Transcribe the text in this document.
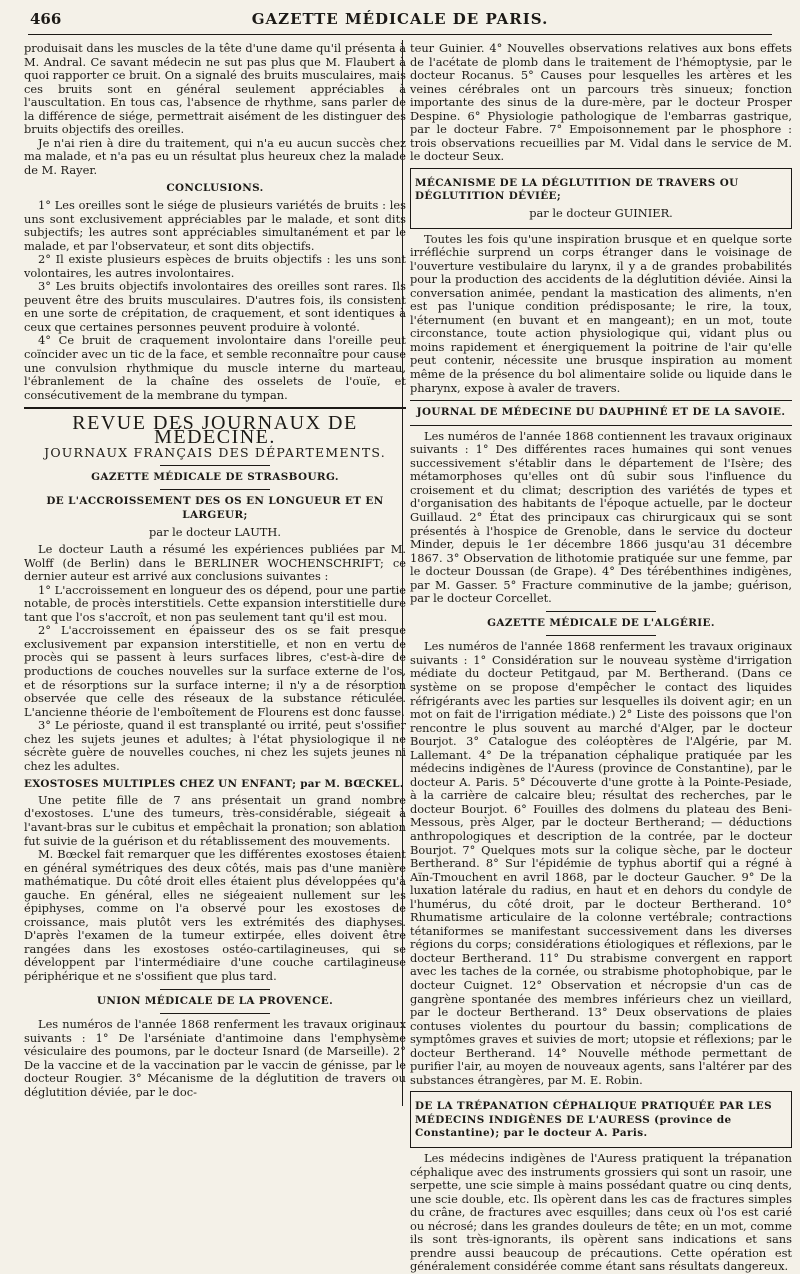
466	GAZETTE MÉDICALE DE PARIS.

produisait dans les muscles de la tête d'une dame qu'il présenta à M. Andral. Ce savant médecin ne sut pas plus que M. Flaubert à quoi rapporter ce bruit. On a signalé des bruits musculaires, mais ces bruits sont en général seulement appréciables à l'auscultation. En tous cas, l'absence de rhythme, sans parler de la différence de siége, permettrait aisément de les distinguer des bruits objectifs des oreilles.

Je n'ai rien à dire du traitement, qui n'a eu aucun succès chez ma malade, et n'a pas eu un résultat plus heureux chez la malade de M. Rayer.

CONCLUSIONS.

1° Les oreilles sont le siége de plusieurs variétés de bruits : les uns sont exclusivement appréciables par le malade, et sont dits subjectifs; les autres sont appréciables simultanément et par le malade, et par l'observateur, et sont dits objectifs.

2° Il existe plusieurs espèces de bruits objectifs : les uns sont volontaires, les autres involontaires.

3° Les bruits objectifs involontaires des oreilles sont rares. Ils peuvent être des bruits musculaires. D'autres fois, ils consistent en une sorte de crépitation, de craquement, et sont identiques à ceux que certaines personnes peuvent produire à volonté.

4° Ce bruit de craquement involontaire dans l'oreille peut coïncider avec un tic de la face, et semble reconnaître pour cause une convulsion rhythmique du muscle interne du marteau, l'ébranlement de la chaîne des osselets de l'ouïe, et consécutivement de la membrane du tympan.

REVUE DES JOURNAUX DE MÉDECINE.
JOURNAUX FRANÇAIS DES DÉPARTEMENTS.
GAZETTE MÉDICALE DE STRASBOURG.
DE L'ACCROISSEMENT DES OS EN LONGUEUR ET EN LARGEUR;
par le docteur LAUTH.

Le docteur Lauth a résumé les expériences publiées par M. Wolff (de Berlin) dans le BERLINER WOCHENSCHRIFT; ce dernier auteur est arrivé aux conclusions suivantes :

1° L'accroissement en longueur des os dépend, pour une partie notable, de procès interstitiels. Cette expansion interstitielle dure tant que l'os s'accroît, et non pas seulement tant qu'il est mou.

2° L'accroissement en épaisseur des os se fait presque exclusivement par expansion interstitielle, et non en vertu de procès qui se passent à leurs surfaces libres, c'est-à-dire de productions de couches nouvelles sur la surface externe de l'os, et de résorptions sur la surface interne; il n'y a de résorption observée que celle des réseaux de la substance réticulée. L'ancienne théorie de l'emboîtement de Flourens est donc fausse.

3° Le périoste, quand il est transplanté ou irrité, peut s'ossifier chez les sujets jeunes et adultes; à l'état physiologique il ne sécrète guère de nouvelles couches, ni chez les sujets jeunes ni chez les adultes.

EXOSTOSES MULTIPLES CHEZ UN ENFANT; par M. BŒCKEL.

Une petite fille de 7 ans présentait un grand nombre d'exostoses. L'une des tumeurs, très-considérable, siégeait à l'avant-bras sur le cubitus et empêchait la pronation; son ablation fut suivie de la guérison et du rétablissement des mouvements.

M. Bœckel fait remarquer que les différentes exostoses étaient en général symétriques des deux côtés, mais pas d'une manière mathématique. Du côté droit elles étaient plus développées qu'à gauche. En général, elles ne siégeaient nullement sur les épiphyses, comme on l'a observé pour les exostoses de croissance, mais plutôt vers les extrémités des diaphyses. D'après l'examen de la tumeur extirpée, elles doivent être rangées dans les exostoses ostéo-cartilagineuses, qui se développent par l'intermédiaire d'une couche cartilagineuse périphérique et ne s'ossifient que plus tard.

UNION MÉDICALE DE LA PROVENCE.

Les numéros de l'année 1868 renferment les travaux originaux suivants : 1° De l'arséniate d'antimoine dans l'emphysème vésiculaire des poumons, par le docteur Isnard (de Marseille). 2° De la vaccine et de la vaccination par le vaccin de génisse, par le docteur Rougier. 3° Mécanisme de la déglutition de travers ou déglutition déviée, par le doc-

teur Guinier. 4° Nouvelles observations relatives aux bons effets de l'acétate de plomb dans le traitement de l'hémoptysie, par le docteur Rocanus. 5° Causes pour lesquelles les artères et les veines cérébrales ont un parcours très sinueux; fonction importante des sinus de la dure-mère, par le docteur Prosper Despine. 6° Physiologie pathologique de l'embarras gastrique, par le docteur Fabre. 7° Empoisonnement par le phosphore : trois observations recueillies par M. Vidal dans le service de M. le docteur Seux.

MÉCANISME DE LA DÉGLUTITION DE TRAVERS OU DÉGLUTITION DÉVIÉE;
par le docteur GUINIER.

Toutes les fois qu'une inspiration brusque et en quelque sorte irréfléchie surprend un corps étranger dans le voisinage de l'ouverture vestibulaire du larynx, il y a de grandes probabilités pour la production des accidents de la déglutition déviée. Ainsi la conversation animée, pendant la mastication des aliments, n'en est pas l'unique condition prédisposante; le rire, la toux, l'éternument (en buvant et en mangeant); en un mot, toute circonstance, toute action physiologique qui, vidant plus ou moins rapidement et énergiquement la poitrine de l'air qu'elle peut contenir, nécessite une brusque inspiration au moment même de la présence du bol alimentaire solide ou liquide dans le pharynx, expose à avaler de travers.

JOURNAL DE MÉDECINE DU DAUPHINÉ ET DE LA SAVOIE.

Les numéros de l'année 1868 contiennent les travaux originaux suivants : 1° Des différentes races humaines qui sont venues successivement s'établir dans le département de l'Isère; des métamorphoses qu'elles ont dû subir sous l'influence du croisement et du climat; description des variétés de types et d'organisation des habitants de l'époque actuelle, par le docteur Guillaud. 2° État des principaux cas chirurgicaux qui se sont présentés à l'hospice de Grenoble, dans le service du docteur Minder, depuis le 1er décembre 1866 jusqu'au 31 décembre 1867. 3° Observation de lithotomie pratiquée sur une femme, par le docteur Doussan (de Grape). 4° Des térébenthines indigènes, par M. Gasser. 5° Fracture comminutive de la jambe; guérison, par le docteur Corcellet.

GAZETTE MÉDICALE DE L'ALGÉRIE.

Les numéros de l'année 1868 renferment les travaux originaux suivants : 1° Considération sur le nouveau système d'irrigation médiate du docteur Petitgaud, par M. Bertherand. (Dans ce système on se propose d'empêcher le contact des liquides réfrigérants avec les parties sur lesquelles ils doivent agir; en un mot on fait de l'irrigation médiate.) 2° Liste des poissons que l'on rencontre le plus souvent au marché d'Alger, par le docteur Bourjot. 3° Catalogue des coléoptères de l'Algérie, par M. Lallemant. 4° De la trépanation céphalique pratiquée par les médecins indigènes de l'Auress (province de Constantine), par le docteur A. Paris. 5° Découverte d'une grotte à la Pointe-Pesiade, à la carrière de calcaire bleu; résultat des recherches, par le docteur Bourjot. 6° Fouilles des dolmens du plateau des Beni-Messous, près Alger, par le docteur Bertherand; — déductions anthropologiques et description de la contrée, par le docteur Bourjot. 7° Quelques mots sur la colique sèche, par le docteur Bertherand. 8° Sur l'épidémie de typhus abortif qui a régné à Aïn-Tmouchent en avril 1868, par le docteur Gaucher. 9° De la luxation latérale du radius, en haut et en dehors du condyle de l'humérus, du côté droit, par le docteur Bertherand. 10° Rhumatisme articulaire de la colonne vertébrale; contractions tétaniformes se manifestant successivement dans les diverses régions du corps; considérations étiologiques et réflexions, par le docteur Bertherand. 11° Du strabisme convergent en rapport avec les taches de la cornée, ou strabisme photophobique, par le docteur Cuignet. 12° Observation et nécropsie d'un cas de gangrène spontanée des membres inférieurs chez un vieillard, par le docteur Bertherand. 13° Deux observations de plaies contuses violentes du pourtour du bassin; complications de symptômes graves et suivies de mort; utopsie et réflexions; par le docteur Bertherand. 14° Nouvelle méthode permettant de purifier l'air, au moyen de nouveaux agents, sans l'altérer par des substances étrangères, par M. E. Robin.

DE LA TRÉPANATION CÉPHALIQUE PRATIQUÉE PAR LES MÉDECINS INDIGÈNES DE L'AURESS (province de Constantine); par le docteur A. Paris.

Les médecins indigènes de l'Auress pratiquent la trépanation céphalique avec des instruments grossiers qui sont un rasoir, une serpette, une scie simple à mains possédant quatre ou cinq dents, une scie double, etc. Ils opèrent dans les cas de fractures simples du crâne, de fractures avec esquilles; dans ceux où l'os est carié ou nécrosé; dans les grandes douleurs de tête; en un mot, comme ils sont très-ignorants, ils opèrent sans indications et sans prendre aussi beaucoup de précautions. Cette opération est généralement considérée comme étant sans résultats dangereux.
